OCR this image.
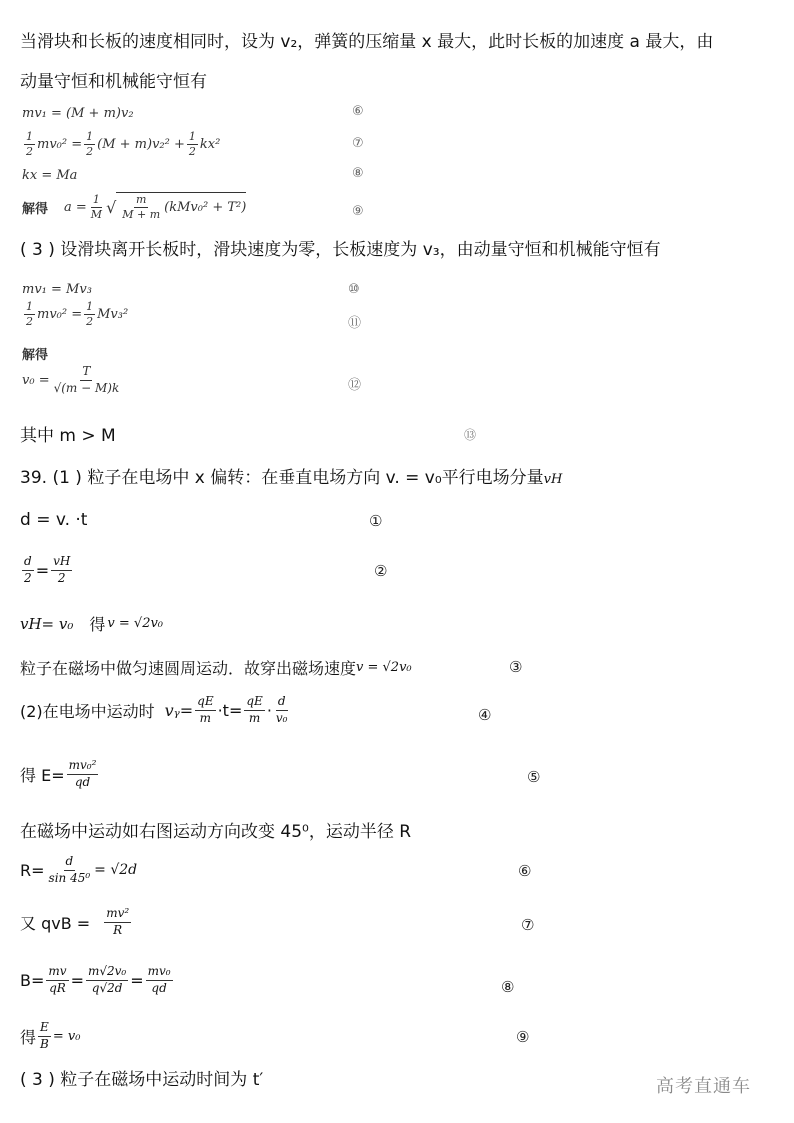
当滑块和长板的速度相同时，设为 v₂，弹簧的压缩量 x 最大，此时长板的加速度 a 最大，由
动量守恒和机械能守恒有
mv₁ = (M + m)v₂	⑥
$\frac{1}{2} mv_0^2 = \frac{1}{2} (M + m)v_2^2 + \frac{1}{2} kx^2$	⑦
kx = Ma	⑧
解得 $a = \frac{1}{M}$ √ $\frac{m}{M + m} (kMv_0^2 + T^2)$	⑨
( 3 ) 设滑块离开长板时，滑块速度为零，长板速度为 v₃，由动量守恒和机械能守恒有
mv₁ = Mv₃	⑩
$\frac{1}{2} mv_0^2 = \frac{1}{2} Mv_3^2$
⑪
解得
$v_0 = \frac{T}{√(m - M)k}$	⑫
其中 m > M	⑬
39. (1 ) 粒子在电场中 x 偏转：在垂直电场方向 v. = v₀平行电场分量 vH
d = v. ·t	①
$\frac{d}{2} = \frac{vH}{2}$	②
vH= v₀ 得 v = √2v₀
粒子在磁场中做匀速圆周运动．故穿出磁场速度 v = √2v₀	③
(2)在电场中运动时 vᵧ= $\frac{qE}{m} \cdot t= \frac{qE}{m} \cdot \frac{d}{\text{v₀}}$	④
得 $E= \frac{\text{mv₀²}}{qd}$	⑤
在磁场中运动如右图运动方向改变 45⁰，运动半径 R
$R= \frac{d}{\text{sin 45⁰}} = √2d$	⑥
又 qvB = $\frac{\text{mv²}}{R}$	⑦
$B= \frac{mv}{qR} = \frac{\text{m√2v₀}}{q√2d} = \frac{\text{mv₀}}{qd}$	⑧
得 $\frac{E}{B} = v_0$	⑨
( 3 ) 粒子在磁场中运动时间为 t′	高考直通车
